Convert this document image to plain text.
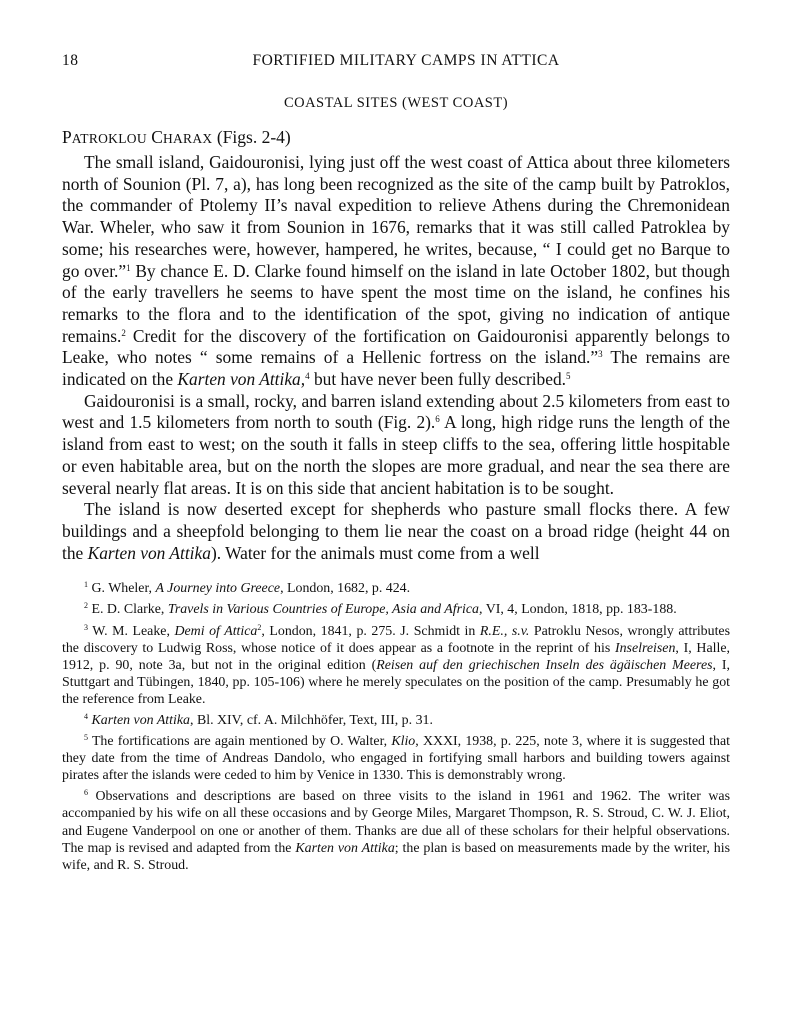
18	FORTIFIED MILITARY CAMPS IN ATTICA
COASTAL SITES (WEST COAST)
PATROKLOU CHARAX (Figs. 2-4)

The small island, Gaidouronisi, lying just off the west coast of Attica about three kilometers north of Sounion (Pl. 7, a), has long been recognized as the site of the camp built by Patroklos, the commander of Ptolemy II’s naval expedition to relieve Athens during the Chremonidean War. Wheler, who saw it from Sounion in 1676, remarks that it was still called Patroklea by some; his researches were, however, hampered, he writes, because, “ I could get no Barque to go over.”$^1$ By chance E. D. Clarke found himself on the island in late October 1802, but though of the early travellers he seems to have spent the most time on the island, he confines his remarks to the flora and to the identification of the spot, giving no indication of antique remains.$^2$ Credit for the discovery of the fortification on Gaidouronisi apparently belongs to Leake, who notes “ some remains of a Hellenic fortress on the island.”$^3$ The remains are indicated on the Karten von Attika,$^4$ but have never been fully described.$^5$

Gaidouronisi is a small, rocky, and barren island extending about 2.5 kilometers from east to west and 1.5 kilometers from north to south (Fig. 2).$^6$ A long, high ridge runs the length of the island from east to west; on the south it falls in steep cliffs to the sea, offering little hospitable or even habitable area, but on the north the slopes are more gradual, and near the sea there are several nearly flat areas. It is on this side that ancient habitation is to be sought.

The island is now deserted except for shepherds who pasture small flocks there. A few buildings and a sheepfold belonging to them lie near the coast on a broad ridge (height 44 on the Karten von Attika). Water for the animals must come from a well

$^1$ G. Wheler, A Journey into Greece, London, 1682, p. 424.

$^2$ E. D. Clarke, Travels in Various Countries of Europe, Asia and Africa, VI, 4, London, 1818, pp. 183-188.

$^3$ W. M. Leake, Demi of Attica$^2$, London, 1841, p. 275. J. Schmidt in R.E., s.v. Patroklu Nesos, wrongly attributes the discovery to Ludwig Ross, whose notice of it does appear as a footnote in the reprint of his Inselreisen, I, Halle, 1912, p. 90, note 3a, but not in the original edition (Reisen auf den griechischen Inseln des ägäischen Meeres, I, Stuttgart and Tübingen, 1840, pp. 105-106) where he merely speculates on the position of the camp. Presumably he got the reference from Leake.

$^4$ Karten von Attika, Bl. XIV, cf. A. Milchhöfer, Text, III, p. 31.

$^5$ The fortifications are again mentioned by O. Walter, Klio, XXXI, 1938, p. 225, note 3, where it is suggested that they date from the time of Andreas Dandolo, who engaged in fortifying small harbors and building towers against pirates after the islands were ceded to him by Venice in 1330. This is demonstrably wrong.

$^6$ Observations and descriptions are based on three visits to the island in 1961 and 1962. The writer was accompanied by his wife on all these occasions and by George Miles, Margaret Thompson, R. S. Stroud, C. W. J. Eliot, and Eugene Vanderpool on one or another of them. Thanks are due all of these scholars for their helpful observations. The map is revised and adapted from the Karten von Attika; the plan is based on measurements made by the writer, his wife, and R. S. Stroud.
